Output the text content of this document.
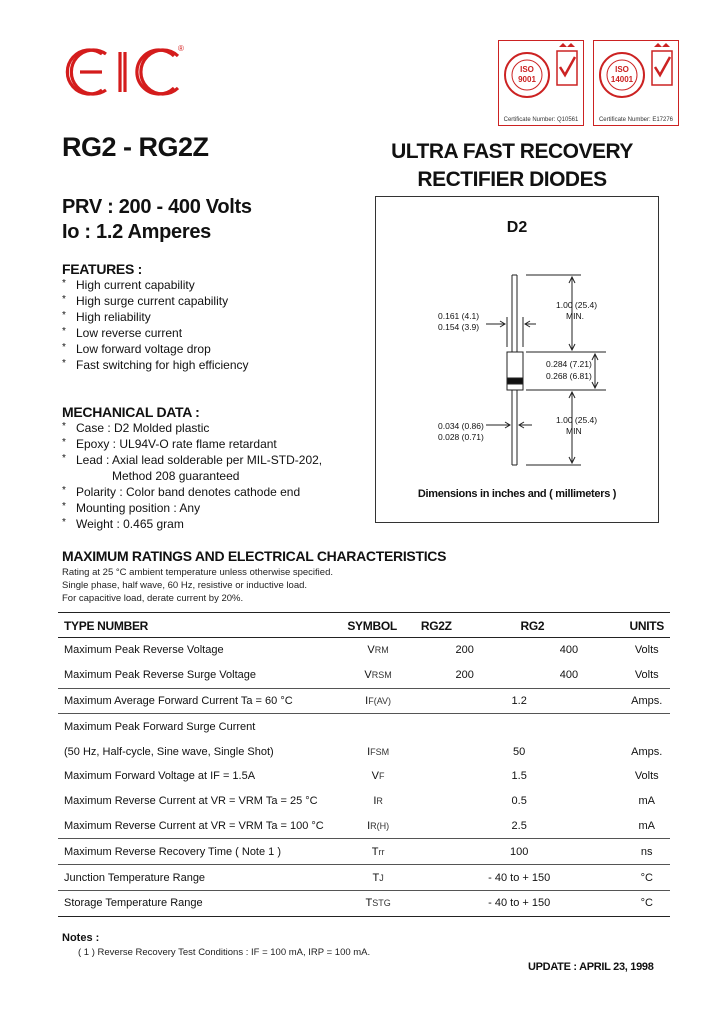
®
ISO
9001
Certificate Number: Q10561
ISO
14001
Certificate Number: E17276
RG2 - RG2Z	ULTRA FAST RECOVERY
RECTIFIER DIODES
PRV : 200 - 400 Volts
Io : 1.2 Amperes
FEATURES :
* High current capability
* High surge current capability
* High reliability
* Low reverse current
* Low forward voltage drop
* Fast switching for high efficiency
MECHANICAL DATA :
* Case : D2 Molded plastic
* Epoxy : UL94V-O rate flame retardant
* Lead : Axial lead solderable per MIL-STD-202,
Method 208 guaranteed
* Polarity : Color band denotes cathode end
* Mounting position : Any
* Weight : 0.465 gram
D2
1.00 (25.4)
MIN.
0.161 (4.1)
0.154 (3.9)
0.284 (7.21)
0.268 (6.81)
0.034 (0.86)
0.028 (0.71)
1.00 (25.4)
MIN
Dimensions in inches and ( millimeters )
MAXIMUM RATINGS AND ELECTRICAL CHARACTERISTICS
Rating at 25 °C ambient temperature unless otherwise specified.
Single phase, half wave, 60 Hz, resistive or inductive load.
For capacitive load, derate current by 20%.
TYPE NUMBER	SYMBOL	RG2Z	RG2	UNITS
Maximum Peak Reverse Voltage	VRM	200	400	Volts
Maximum Peak Reverse Surge Voltage	VRSM	200	400	Volts
Maximum Average Forward Current Ta = 60 °C	IF(AV)	1.2		Amps.
Maximum Peak Forward Surge Current				
(50 Hz, Half-cycle, Sine wave, Single Shot)	IFSM	50		Amps.
Maximum Forward Voltage at IF = 1.5A	VF	1.5		Volts
Maximum Reverse Current at VR = VRM Ta = 25 °C	IR	0.5		mA
Maximum Reverse Current at VR = VRM Ta = 100 °C	IR(H)	2.5		mA
Maximum Reverse Recovery Time ( Note 1 )	Trr	100		ns
Junction Temperature Range	TJ	- 40 to + 150		°C
Storage Temperature Range	TSTG	- 40 to + 150		°C
Notes :
( 1 ) Reverse Recovery Test Conditions : IF = 100 mA, IRP = 100 mA.
UPDATE : APRIL 23, 1998
